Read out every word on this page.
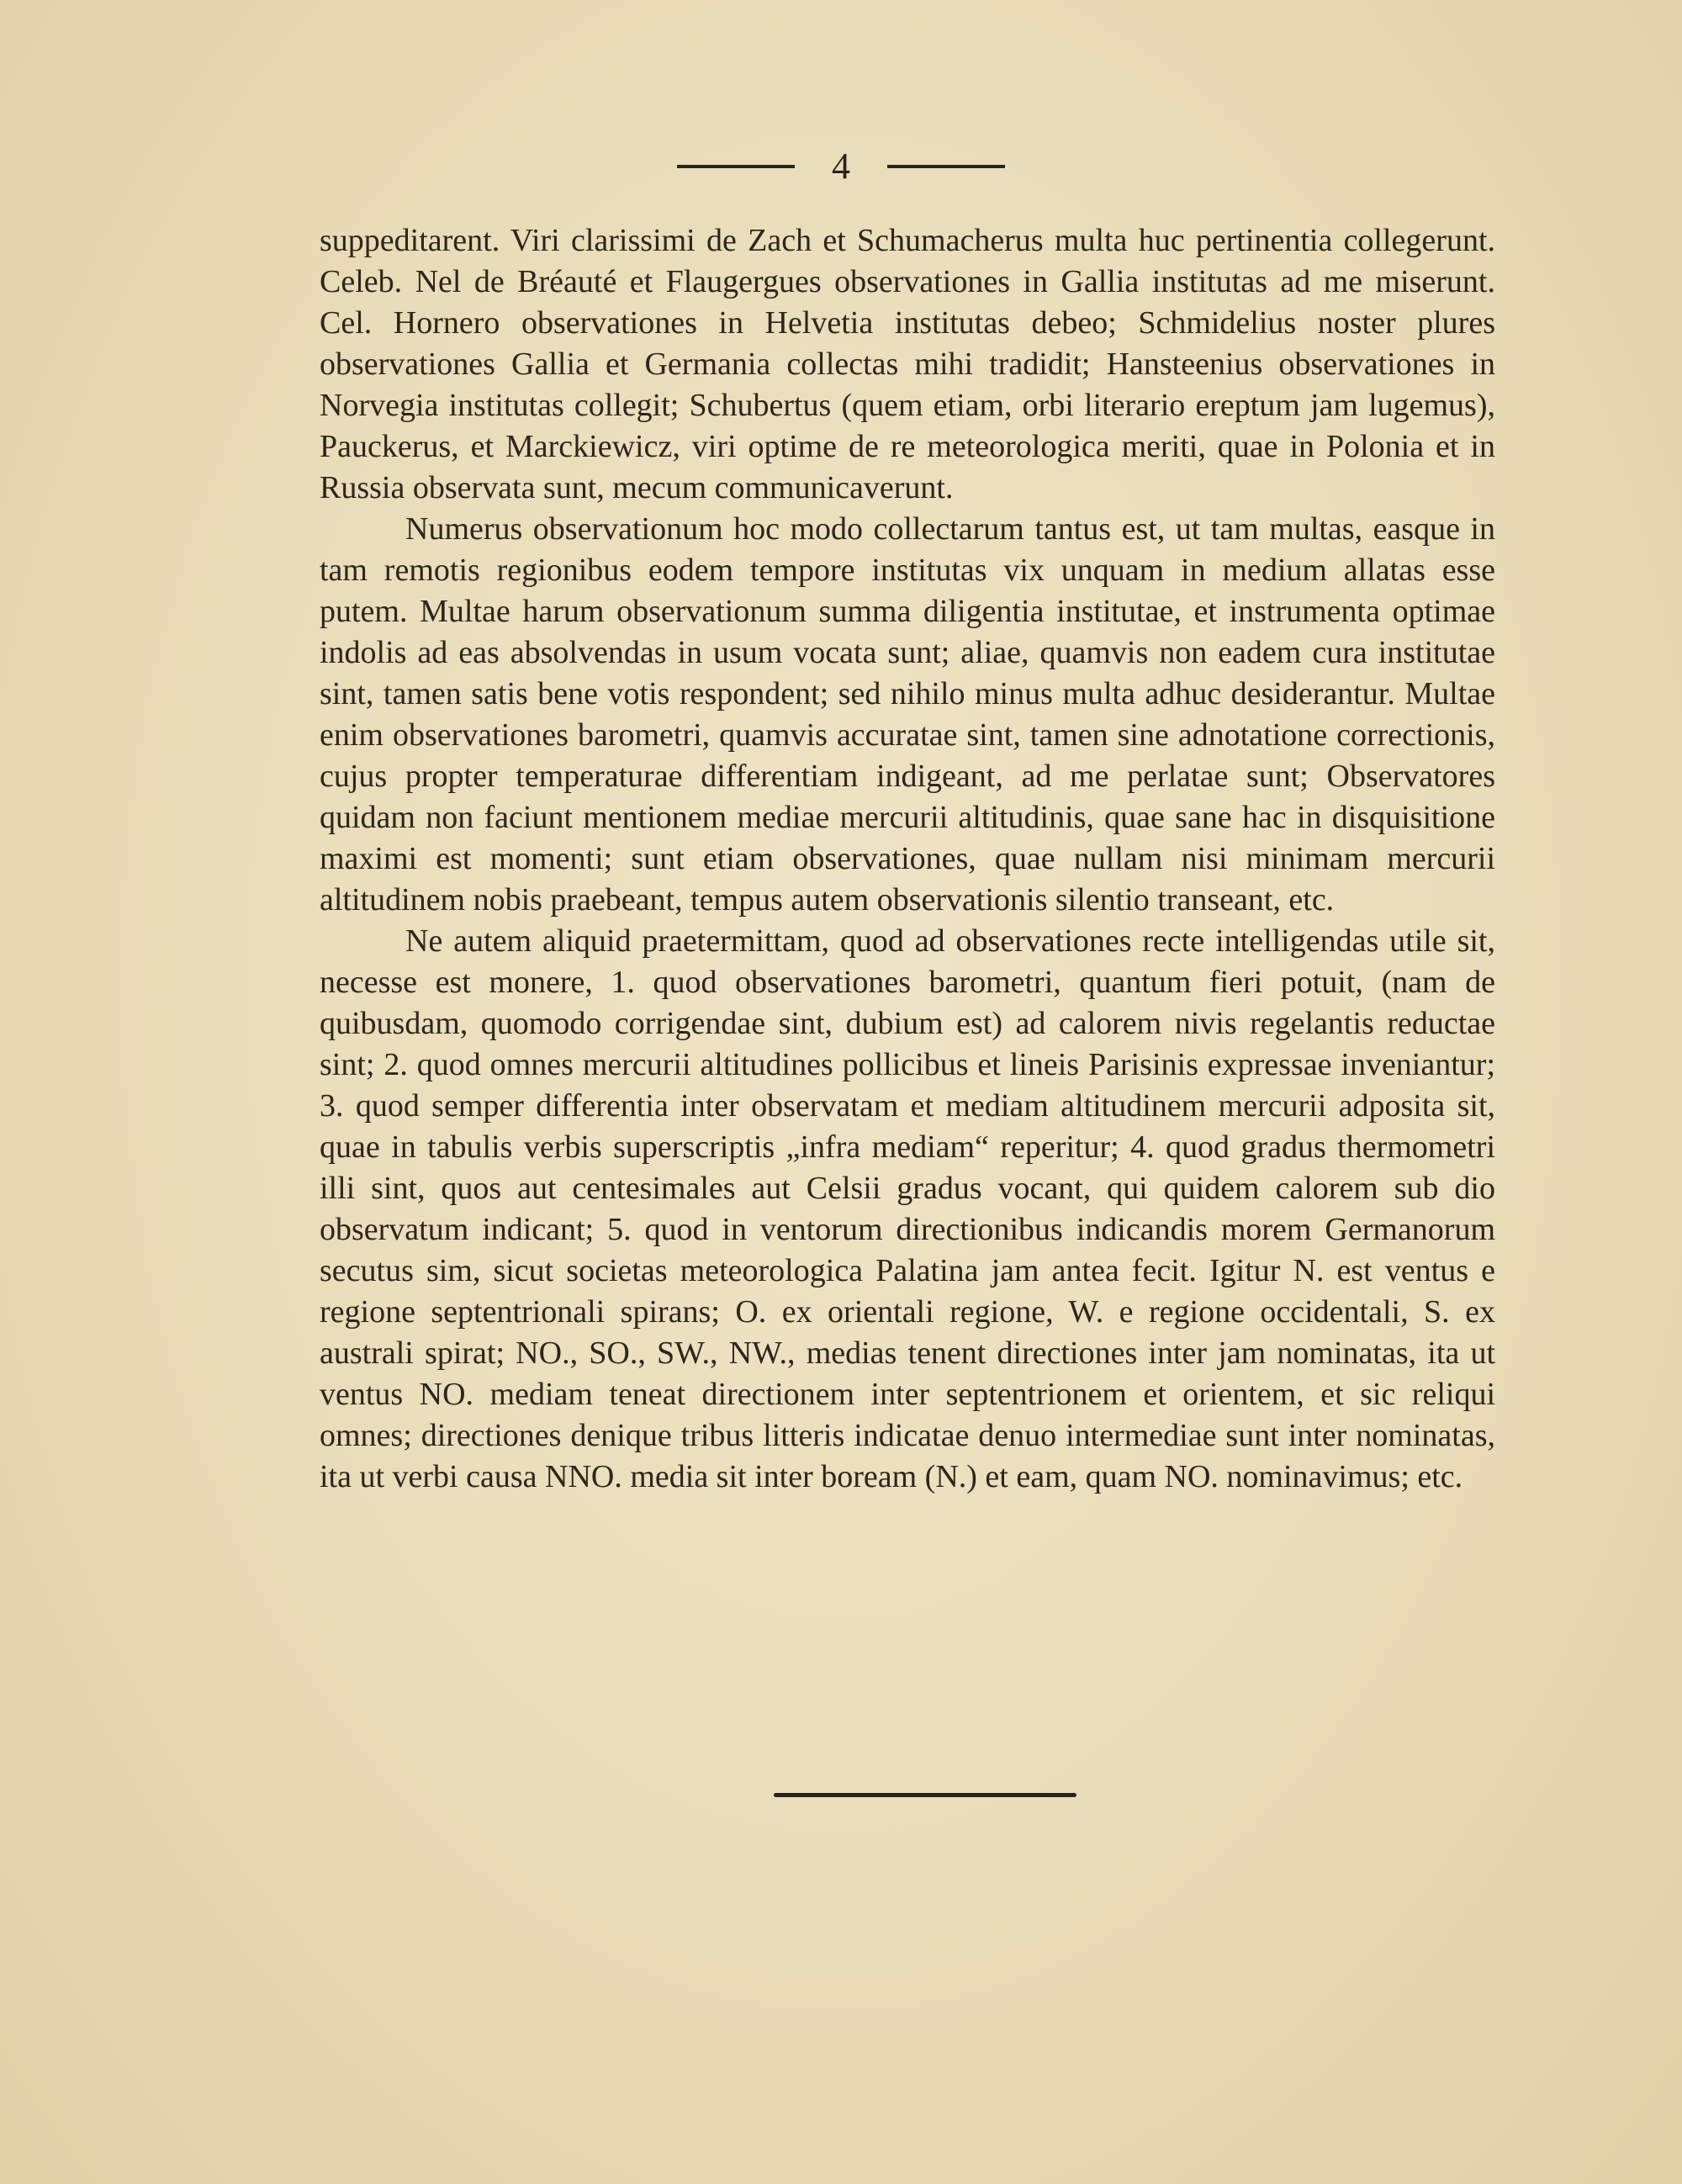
4

suppeditarent. Viri clarissimi de Zach et Schumacherus multa huc pertinentia collegerunt. Celeb. Nel de Bréauté et Flaugergues observationes in Gallia institutas ad me miserunt. Cel. Hornero observationes in Helvetia institutas debeo; Schmidelius noster plures observationes Gallia et Germania collectas mihi tradidit; Hansteenius observationes in Norvegia institutas collegit; Schubertus (quem etiam, orbi literario ereptum jam lugemus), Pauckerus, et Marckiewicz, viri optime de re meteorologica meriti, quae in Polonia et in Russia observata sunt, mecum communicaverunt.

Numerus observationum hoc modo collectarum tantus est, ut tam multas, easque in tam remotis regionibus eodem tempore institutas vix unquam in medium allatas esse putem. Multae harum observationum summa diligentia institutae, et instrumenta optimae indolis ad eas absolvendas in usum vocata sunt; aliae, quamvis non eadem cura institutae sint, tamen satis bene votis respondent; sed nihilo minus multa adhuc desiderantur. Multae enim observationes barometri, quamvis accuratae sint, tamen sine adnotatione correctionis, cujus propter temperaturae differentiam indigeant, ad me perlatae sunt; Observatores quidam non faciunt mentionem mediae mercurii altitudinis, quae sane hac in disquisitione maximi est momenti; sunt etiam observationes, quae nullam nisi minimam mercurii altitudinem nobis praebeant, tempus autem observationis silentio transeant, etc.

Ne autem aliquid praetermittam, quod ad observationes recte intelligendas utile sit, necesse est monere, 1. quod observationes barometri, quantum fieri potuit, (nam de quibusdam, quomodo corrigendae sint, dubium est) ad calorem nivis regelantis reductae sint; 2. quod omnes mercurii altitudines pollicibus et lineis Parisinis expressae inveniantur; 3. quod semper differentia inter observatam et mediam altitudinem mercurii adposita sit, quae in tabulis verbis superscriptis „infra mediam“ reperitur; 4. quod gradus thermometri illi sint, quos aut centesimales aut Celsii gradus vocant, qui quidem calorem sub dio observatum indicant; 5. quod in ventorum directionibus indicandis morem Germanorum secutus sim, sicut societas meteorologica Palatina jam antea fecit. Igitur N. est ventus e regione septentrionali spirans; O. ex orientali regione, W. e regione occidentali, S. ex australi spirat; NO., SO., SW., NW., medias tenent directiones inter jam nominatas, ita ut ventus NO. mediam teneat directionem inter septentrionem et orientem, et sic reliqui omnes; directiones denique tribus litteris indicatae denuo intermediae sunt inter nominatas, ita ut verbi causa NNO. media sit inter boream (N.) et eam, quam NO. nominavimus; etc.
